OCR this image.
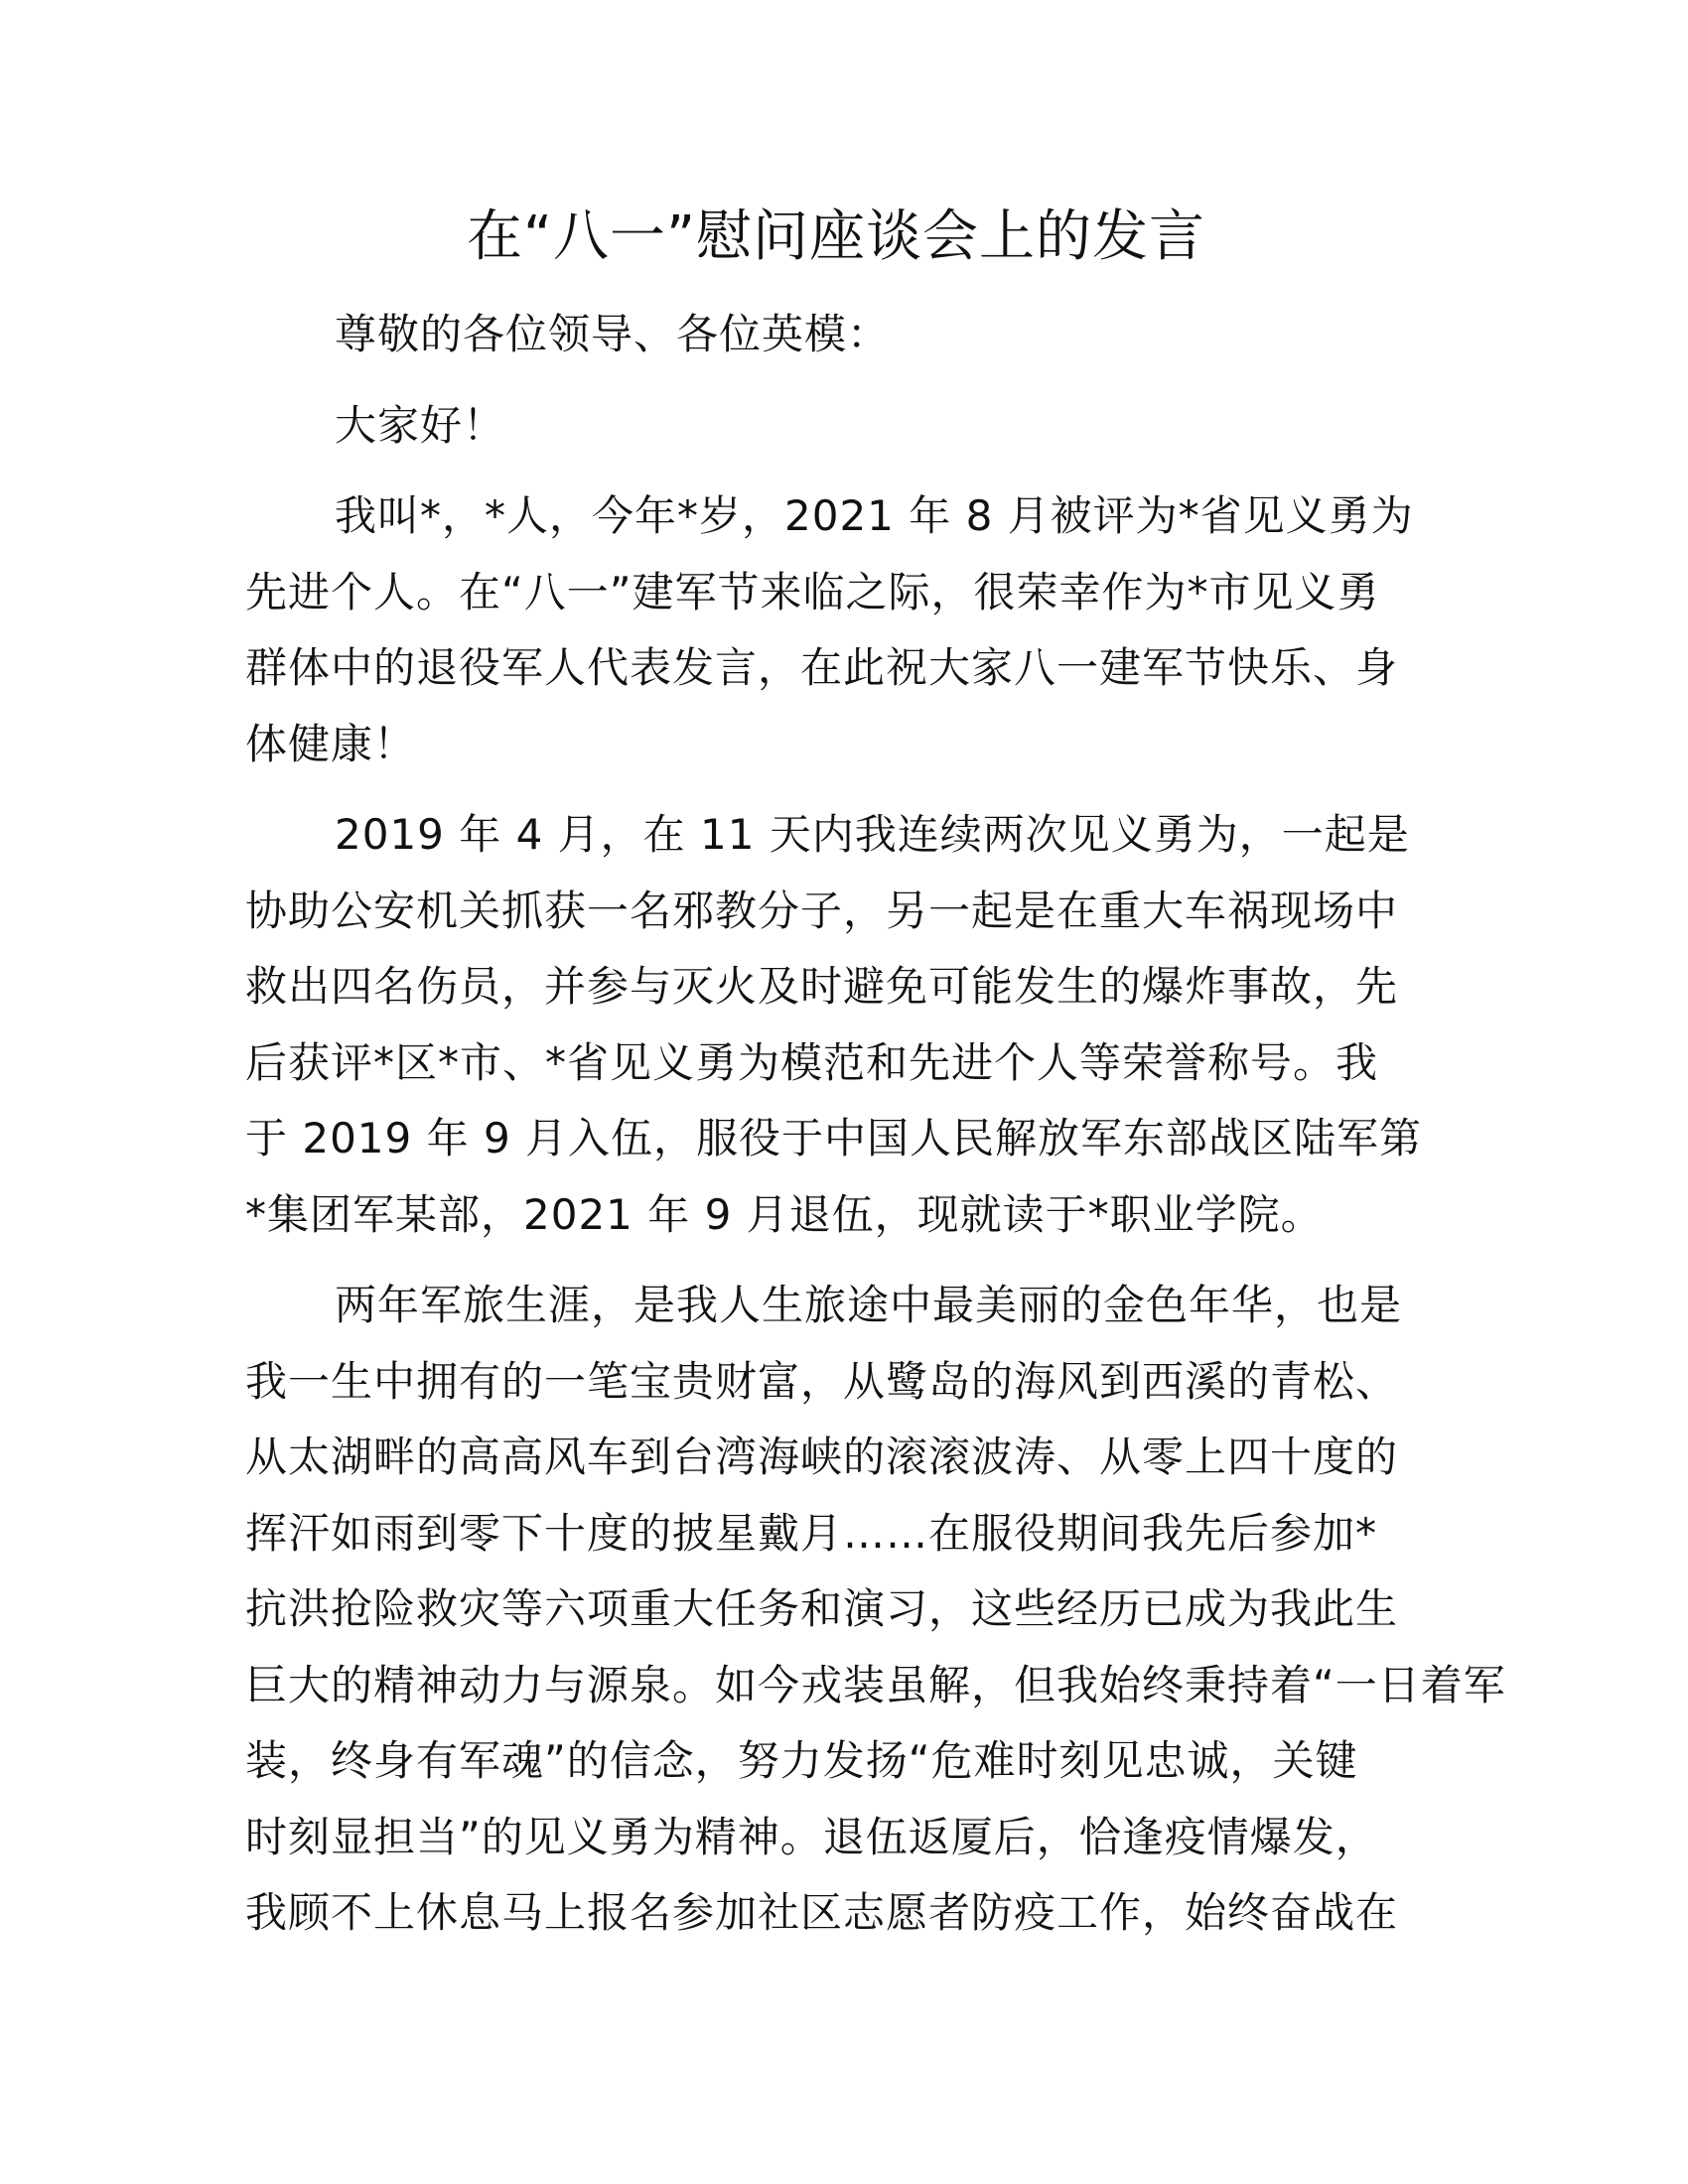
在“八一”慰问座谈会上的发言
尊敬的各位领导、各位英模：
大家好！
我叫*，*人，今年*岁，2021 年 8 月被评为*省见义勇为
先进个人。在“八一”建军节来临之际，很荣幸作为*市见义勇
群体中的退役军人代表发言，在此祝大家八一建军节快乐、身
体健康！
2019 年 4 月，在 11 天内我连续两次见义勇为，一起是
协助公安机关抓获一名邪教分子，另一起是在重大车祸现场中
救出四名伤员，并参与灭火及时避免可能发生的爆炸事故，先
后获评*区*市、*省见义勇为模范和先进个人等荣誉称号。我
于 2019 年 9 月入伍，服役于中国人民解放军东部战区陆军第
*集团军某部，2021 年 9 月退伍，现就读于*职业学院。
两年军旅生涯，是我人生旅途中最美丽的金色年华，也是
我一生中拥有的一笔宝贵财富，从鹭岛的海风到西溪的青松、
从太湖畔的高高风车到台湾海峡的滚滚波涛、从零上四十度的
挥汗如雨到零下十度的披星戴月……在服役期间我先后参加*
抗洪抢险救灾等六项重大任务和演习，这些经历已成为我此生
巨大的精神动力与源泉。如今戎装虽解，但我始终秉持着“一日着军
装，终身有军魂”的信念，努力发扬“危难时刻见忠诚，关键
时刻显担当”的见义勇为精神。退伍返厦后，恰逢疫情爆发，
我顾不上休息马上报名参加社区志愿者防疫工作，始终奋战在
